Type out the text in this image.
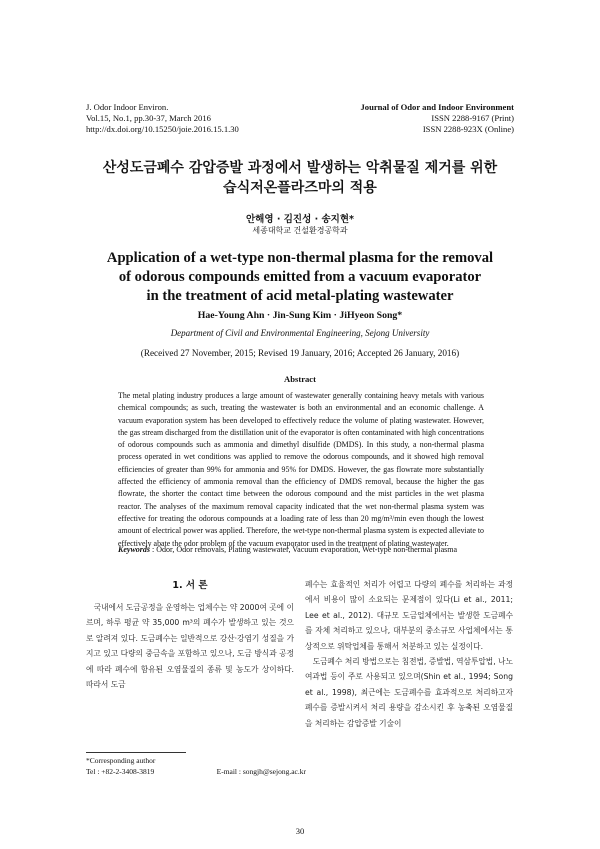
J. Odor Indoor Environ.
Vol.15, No.1, pp.30-37, March 2016
http://dx.doi.org/10.15250/joie.2016.15.1.30
Journal of Odor and Indoor Environment
ISSN 2288-9167 (Print)
ISSN 2288-923X (Online)
산성도금폐수 감압증발 과정에서 발생하는 악취물질 제거를 위한
습식저온플라즈마의 적용
안해영 · 김진성 · 송지현*
세종대학교 건설환경공학과
Application of a wet-type non-thermal plasma for the removal
of odorous compounds emitted from a vacuum evaporator
in the treatment of acid metal-plating wastewater
Hae-Young Ahn · Jin-Sung Kim · JiHyeon Song*
Department of Civil and Environmental Engineering, Sejong University
(Received 27 November, 2015; Revised 19 January, 2016; Accepted 26 January, 2016)
Abstract
The metal plating industry produces a large amount of wastewater generally containing heavy metals with various chemical compounds; as such, treating the wastewater is both an environmental and an economic challenge. A vacuum evaporation system has been developed to effectively reduce the volume of plating wastewater. However, the gas stream discharged from the distillation unit of the evaporator is often contaminated with high concentrations of odorous compounds such as ammonia and dimethyl disulfide (DMDS). In this study, a non-thermal plasma process operated in wet conditions was applied to remove the odorous compounds, and it showed high removal efficiencies of greater than 99% for ammonia and 95% for DMDS. However, the gas flowrate more substantially affected the efficiency of ammonia removal than the efficiency of DMDS removal, because the higher the gas flowrate, the shorter the contact time between the odorous compound and the mist particles in the wet plasma reactor. The analyses of the maximum removal capacity indicated that the wet non-thermal plasma system was effective for treating the odorous compounds at a loading rate of less than 20 mg/m³/min even though the lowest amount of electrical power was applied. Therefore, the wet-type non-thermal plasma system is expected alleviate to effectively abate the odor problem of the vacuum evaporator used in the treatment of plating wastewater.
Keywords : Odor, Odor removals, Plating wastewater, Vacuum evaporation, Wet-type non-thermal plasma
1. 서 론

국내에서 도금공정을 운영하는 업체수는 약 2000여 곳에 이르며, 하루 평균 약 35,000 m³의 폐수가 발생하고 있는 것으로 알려져 있다. 도금폐수는 일반적으로 강산·강염기 성질을 가지고 있고 다량의 중금속을 포함하고 있으나, 도금 방식과 공정에 따라 폐수에 함유된 오염물질의 종류 및 농도가 상이하다. 따라서 도금

폐수는 효율적인 처리가 어렵고 다량의 폐수를 처리하는 과정에서 비용이 많이 소요되는 문제점이 있다(Li et al., 2011; Lee et al., 2012). 대규모 도금업체에서는 발생한 도금폐수를 자체 처리하고 있으나, 대부분의 중소규모 사업체에서는 통상적으로 위탁업체를 통해서 처분하고 있는 실정이다.

도금폐수 처리 방법으로는 침전법, 증발법, 역삼투압법, 나노여과법 등이 주로 사용되고 있으며(Shin et al., 1994; Song et al., 1998), 최근에는 도금폐수를 효과적으로 처리하고자 폐수를 증발시켜서 처리 용량을 감소시킨 후 농축된 오염물질을 처리하는 감압증발 기술이

*Corresponding author
Tel : +82-2-3408-3819	E-mail : songjh@sejong.ac.kr
30
